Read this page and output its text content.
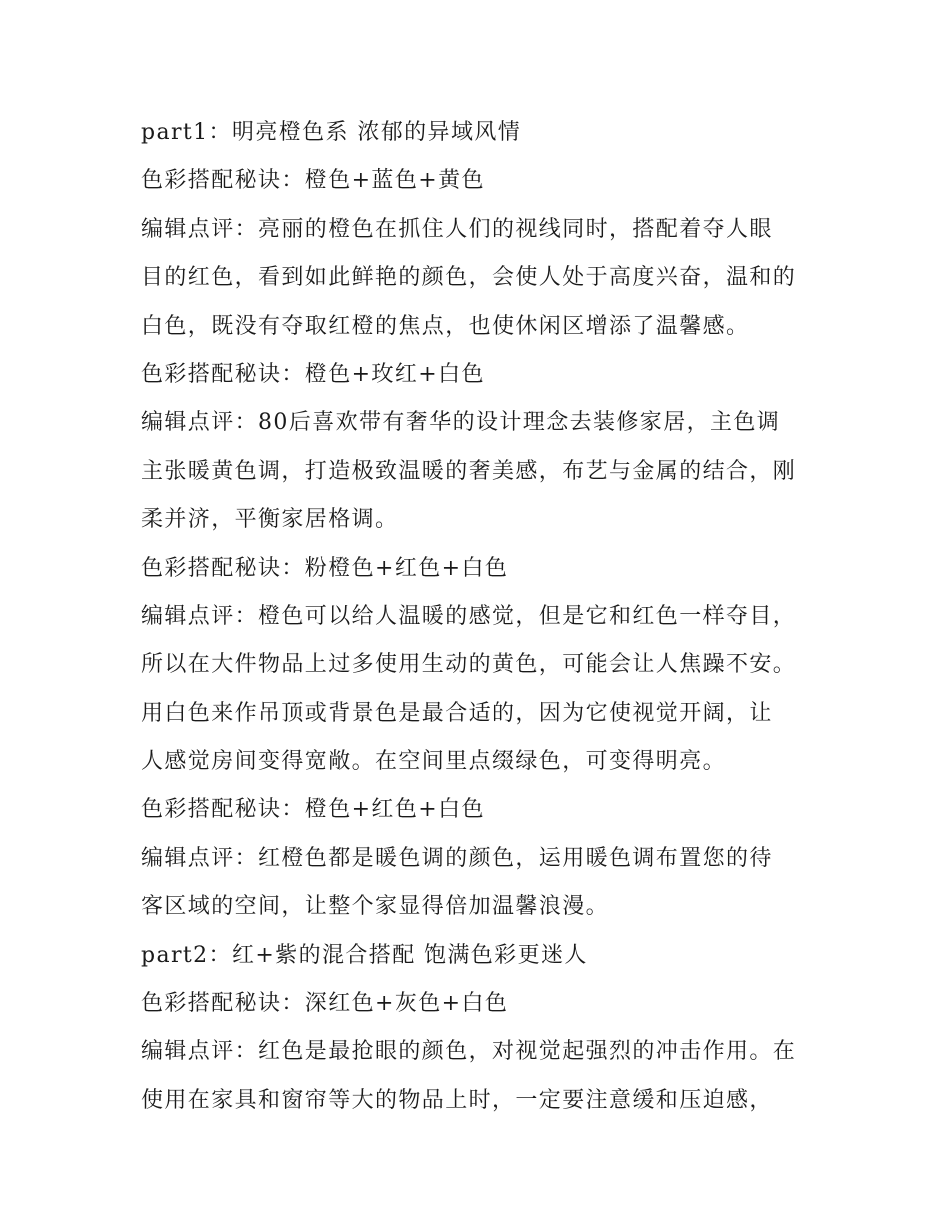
part1：明亮橙色系 浓郁的异域风情
色彩搭配秘诀：橙色+蓝色+黄色
编辑点评：亮丽的橙色在抓住人们的视线同时，搭配着夺人眼
目的红色，看到如此鲜艳的颜色，会使人处于高度兴奋，温和的
白色，既没有夺取红橙的焦点，也使休闲区增添了温馨感。
色彩搭配秘诀：橙色+玫红+白色
编辑点评：80后喜欢带有奢华的设计理念去装修家居，主色调
主张暖黄色调，打造极致温暖的奢美感，布艺与金属的结合，刚
柔并济，平衡家居格调。
色彩搭配秘诀：粉橙色+红色+白色
编辑点评：橙色可以给人温暖的感觉，但是它和红色一样夺目，
所以在大件物品上过多使用生动的黄色，可能会让人焦躁不安。
用白色来作吊顶或背景色是最合适的，因为它使视觉开阔，让
人感觉房间变得宽敞。在空间里点缀绿色，可变得明亮。
色彩搭配秘诀：橙色+红色+白色
编辑点评：红橙色都是暖色调的颜色，运用暖色调布置您的待
客区域的空间，让整个家显得倍加温馨浪漫。
part2：红+紫的混合搭配 饱满色彩更迷人
色彩搭配秘诀：深红色+灰色+白色
编辑点评：红色是最抢眼的颜色，对视觉起强烈的冲击作用。在
使用在家具和窗帘等大的物品上时，一定要注意缓和压迫感，
